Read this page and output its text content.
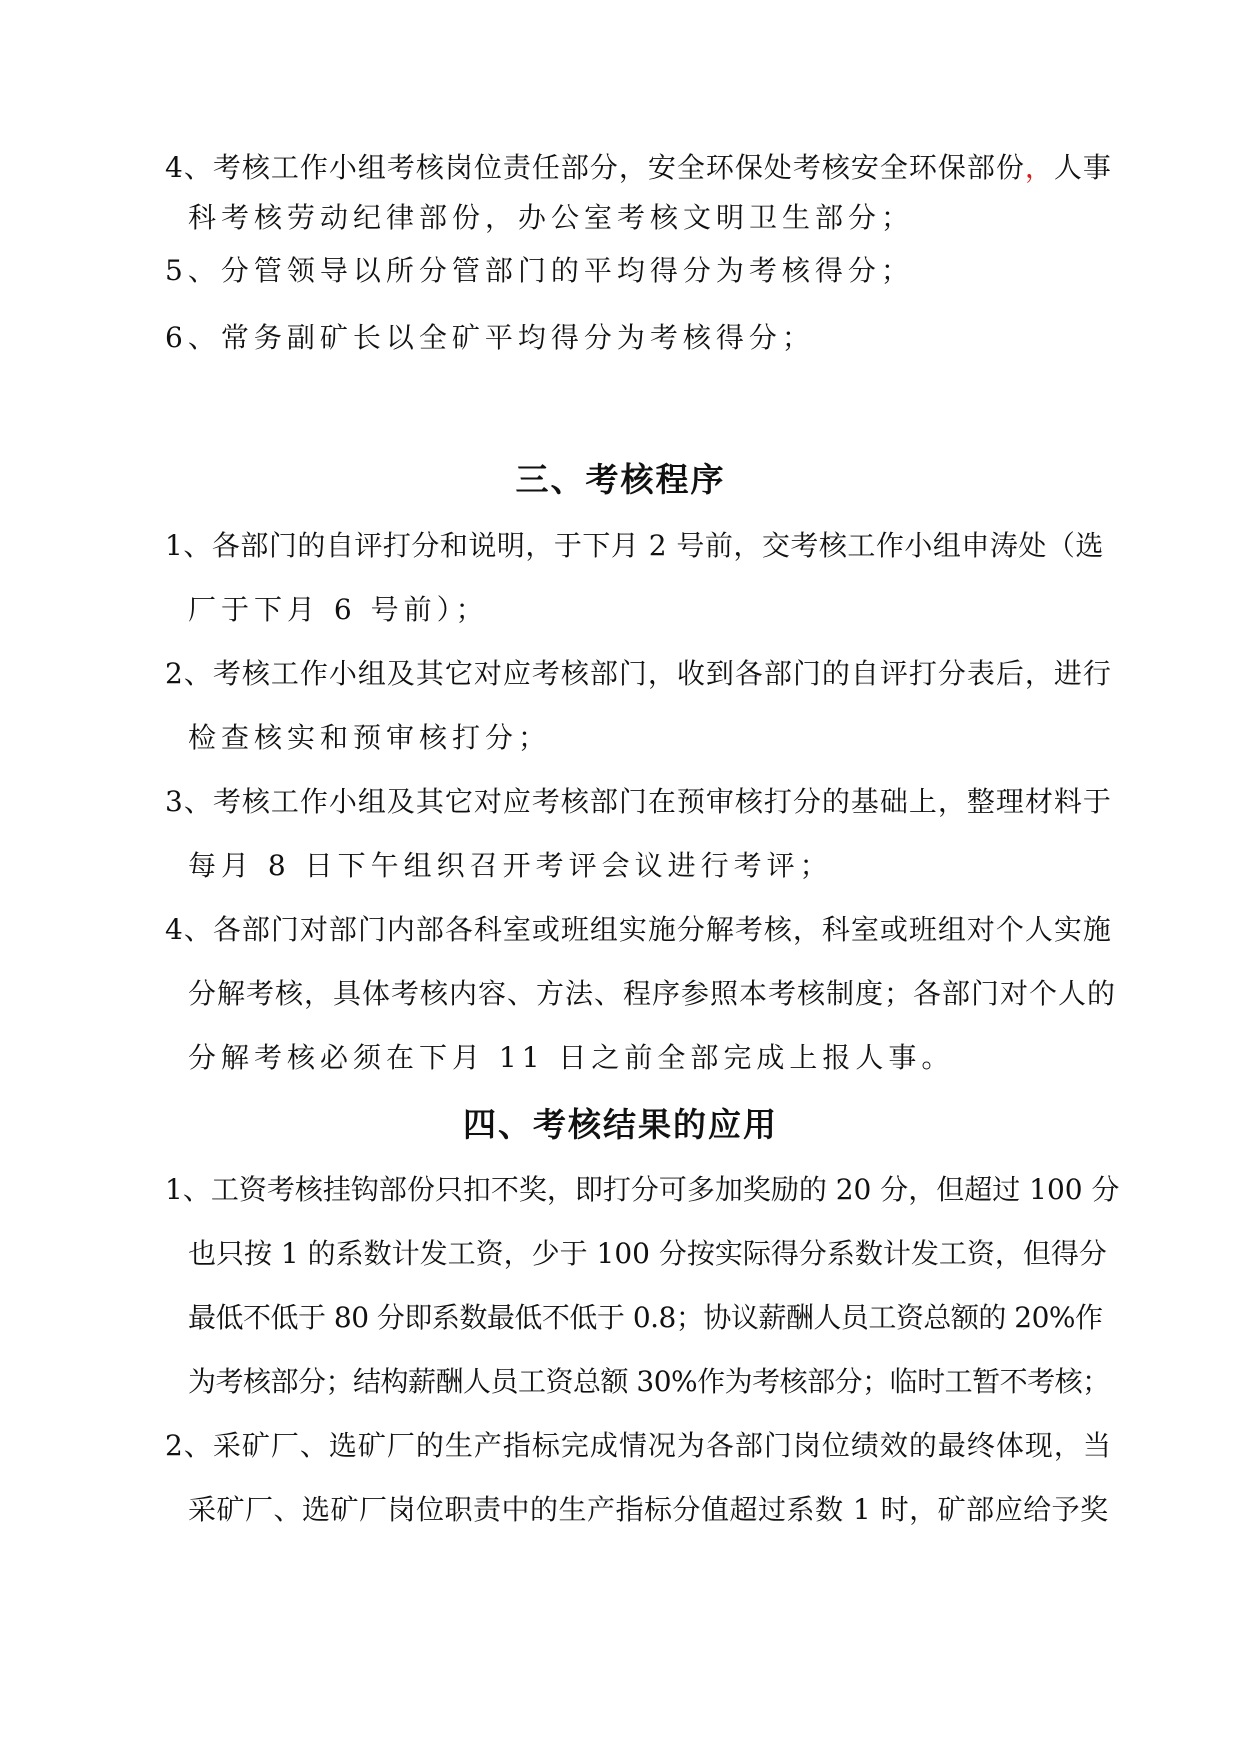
4、考核工作小组考核岗位责任部分，安全环保处考核安全环保部份，人事
科考核劳动纪律部份，办公室考核文明卫生部分；
5、分管领导以所分管部门的平均得分为考核得分；
6、常务副矿长以全矿平均得分为考核得分；
三、考核程序
1、各部门的自评打分和说明，于下月 2 号前，交考核工作小组申涛处（选
厂于下月 6 号前）；
2、考核工作小组及其它对应考核部门，收到各部门的自评打分表后，进行
检查核实和预审核打分；
3、考核工作小组及其它对应考核部门在预审核打分的基础上，整理材料于
每月 8 日下午组织召开考评会议进行考评；
4、各部门对部门内部各科室或班组实施分解考核，科室或班组对个人实施
分解考核，具体考核内容、方法、程序参照本考核制度；各部门对个人的
分解考核必须在下月 11 日之前全部完成上报人事。
四、考核结果的应用
1、工资考核挂钩部份只扣不奖，即打分可多加奖励的 20 分，但超过 100 分
也只按 1 的系数计发工资，少于 100 分按实际得分系数计发工资，但得分
最低不低于 80 分即系数最低不低于 0.8；协议薪酬人员工资总额的 20%作
为考核部分；结构薪酬人员工资总额 30%作为考核部分；临时工暂不考核；
2、采矿厂、选矿厂的生产指标完成情况为各部门岗位绩效的最终体现，当
采矿厂、选矿厂岗位职责中的生产指标分值超过系数 1 时，矿部应给予奖
